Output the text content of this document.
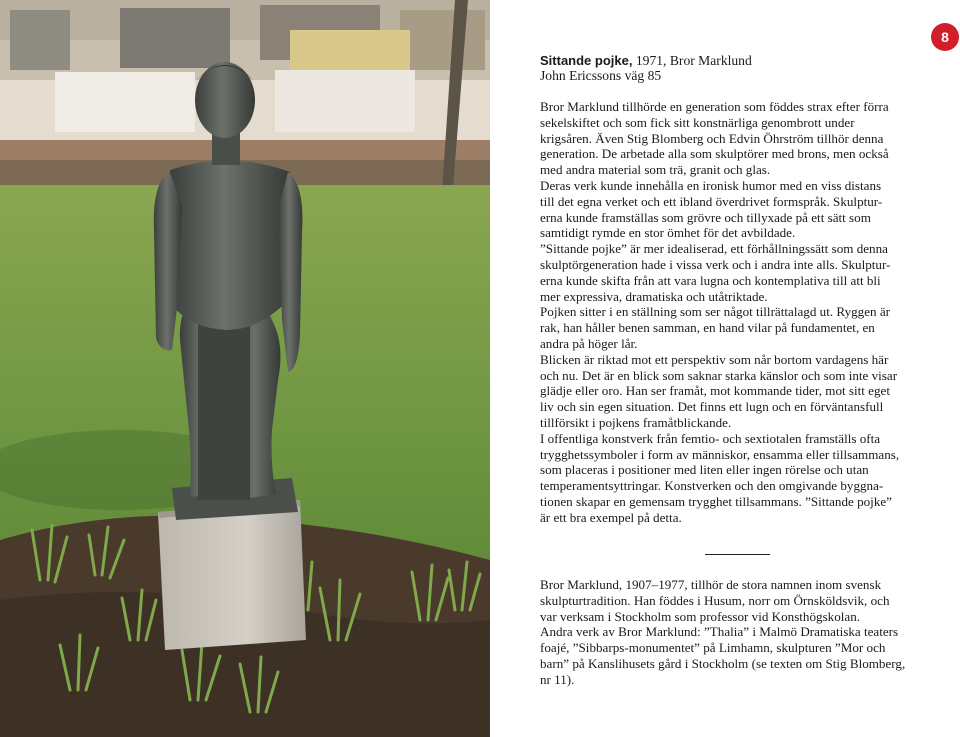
Sittande pojke, 1971, Bror Marklund
John Ericssons väg 85

Bror Marklund tillhörde en generation som föddes strax efter förra
sekelskiftet och som fick sitt konstnärliga genombrott under
krigsåren. Även Stig Blomberg och Edvin Öhrström tillhör denna
generation. De arbetade alla som skulptörer med brons, men också
med andra material som trä, granit och glas.

Deras verk kunde innehålla en ironisk humor med en viss distans
till det egna verket och ett ibland överdrivet formspråk. Skulptur-
erna kunde framställas som grövre och tillyxade på ett sätt som
samtidigt rymde en stor ömhet för det avbildade.

”Sittande pojke” är mer idealiserad, ett förhållningssätt som denna
skulptörgeneration hade i vissa verk och i andra inte alls. Skulptur-
erna kunde skifta från att vara lugna och kontemplativa till att bli
mer expressiva, dramatiska och utåtriktade.

Pojken sitter i en ställning som ser något tillrättalagd ut. Ryggen är
rak, han håller benen samman, en hand vilar på fundamentet, en
andra på höger lår.

Blicken är riktad mot ett perspektiv som når bortom vardagens här
och nu. Det är en blick som saknar starka känslor och som inte visar
glädje eller oro. Han ser framåt, mot kommande tider, mot sitt eget
liv och sin egen situation. Det finns ett lugn och en förväntansfull
tillförsikt i pojkens framåtblickande.

I offentliga konstverk från femtio- och sextiotalen framställs ofta
trygghetssymboler i form av människor, ensamma eller tillsammans,
som placeras i positioner med liten eller ingen rörelse och utan
temperamentsyttringar. Konstverken och den omgivande byggna-
tionen skapar en gemensam trygghet tillsammans. ”Sittande pojke”
är ett bra exempel på detta.

Bror Marklund, 1907‒1977, tillhör de stora namnen inom svensk
skulpturtradition. Han föddes i Husum, norr om Örnsköldsvik, och
var verksam i Stockholm som professor vid Konsthögskolan.

Andra verk av Bror Marklund: ”Thalia” i Malmö Dramatiska teaters
foajé, ”Sibbarps-monumentet” på Limhamn, skulpturen ”Mor och
barn” på Kanslihusets gård i Stockholm (se texten om Stig Blomberg,
nr 11).

8
